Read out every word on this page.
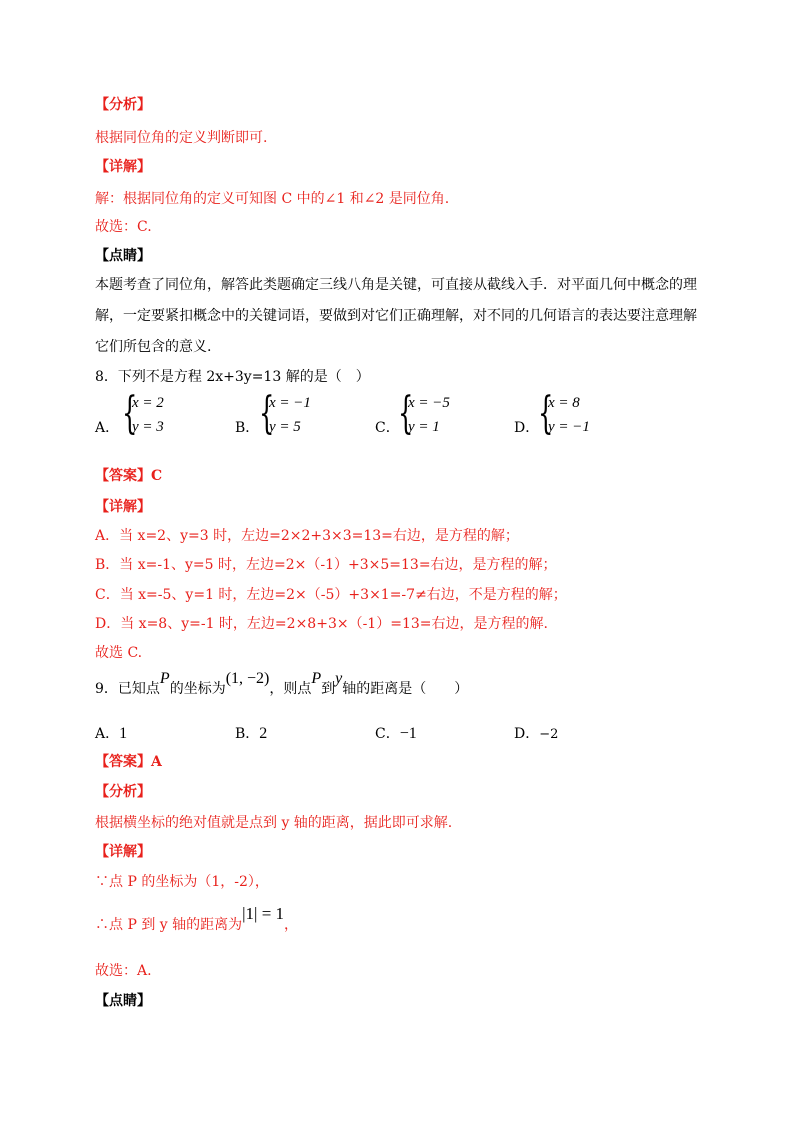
【分析】
根据同位角的定义判断即可.
【详解】
解：根据同位角的定义可知图 C 中的∠1 和∠2 是同位角.
故选：C.
【点睛】
本题考查了同位角，解答此类题确定三线八角是关键，可直接从截线入手．对平面几何中概念的理
解，一定要紧扣概念中的关键词语，要做到对它们正确理解，对不同的几何语言的表达要注意理解
它们所包含的意义.
8．下列不是方程 2x+3y=13 解的是（　）
A． {
x = 2
y = 3	B． {
x = −1
y = 5	C．
{
x = −5
y = 1	D．
{
x = 8
y = −1
【答案】C
【详解】
A．当 x=2、y=3 时，左边=2×2+3×3=13=右边，是方程的解；
B．当 x=-1、y=5 时，左边=2×（-1）+3×5=13=右边，是方程的解；
C．当 x=-5、y=1 时，左边=2×（-5）+3×1=-7≠右边，不是方程的解；
D．当 x=8、y=-1 时，左边=2×8+3×（-1）=13=右边，是方程的解.
故选 C.
9．已知点P的坐标为(1, −2)，则点P到y轴的距离是（　　）
A．1	B．2	C．−1	D．−2
【答案】A
【分析】
根据横坐标的绝对值就是点到 y 轴的距离，据此即可求解.
【详解】
∵点 P 的坐标为（1，-2），
∴点 P 到 y 轴的距离为|1| = 1，
故选：A.
【点睛】
